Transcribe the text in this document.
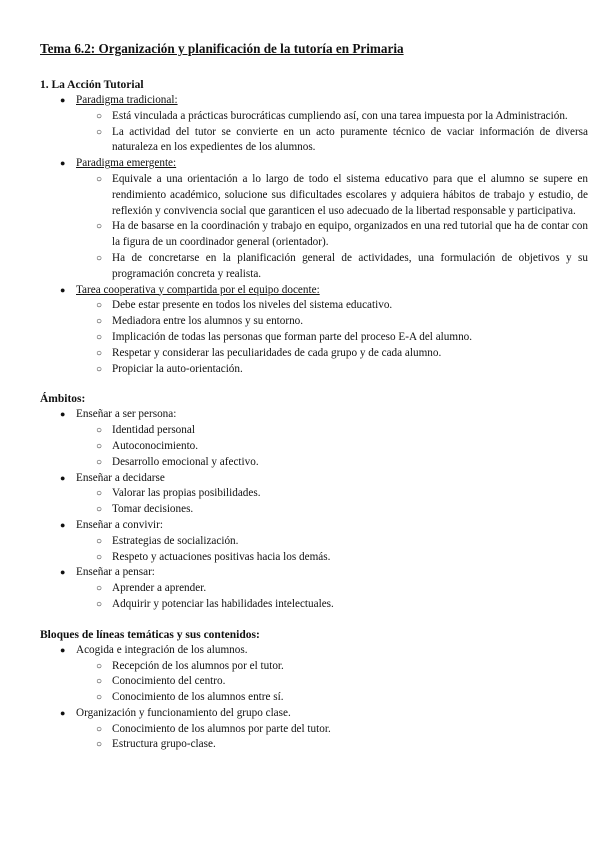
Tema 6.2: Organización y planificación de la tutoría en Primaria
1. La Acción Tutorial
● Paradigma tradicional:
○ Está vinculada a prácticas burocráticas cumpliendo así, con una tarea impuesta por la Administración.
○ La actividad del tutor se convierte en un acto puramente técnico de vaciar información de diversa naturaleza en los expedientes de los alumnos.
● Paradigma emergente:
○ Equivale a una orientación a lo largo de todo el sistema educativo para que el alumno se supere en rendimiento académico, solucione sus dificultades escolares y adquiera hábitos de trabajo y estudio, de reflexión y convivencia social que garanticen el uso adecuado de la libertad responsable y participativa.
○ Ha de basarse en la coordinación y trabajo en equipo, organizados en una red tutorial que ha de contar con la figura de un coordinador general (orientador).
○ Ha de concretarse en la planificación general de actividades, una formulación de objetivos y su programación concreta y realista.
● Tarea cooperativa y compartida por el equipo docente:
○ Debe estar presente en todos los niveles del sistema educativo.
○ Mediadora entre los alumnos y su entorno.
○ Implicación de todas las personas que forman parte del proceso E-A del alumno.
○ Respetar y considerar las peculiaridades de cada grupo y de cada alumno.
○ Propiciar la auto-orientación.
Ámbitos:
● Enseñar a ser persona:
○ Identidad personal
○ Autoconocimiento.
○ Desarrollo emocional y afectivo.
● Enseñar a decidarse
○ Valorar las propias posibilidades.
○ Tomar decisiones.
● Enseñar a convivir:
○ Estrategias de socialización.
○ Respeto y actuaciones positivas hacia los demás.
● Enseñar a pensar:
○ Aprender a aprender.
○ Adquirir y potenciar las habilidades intelectuales.
Bloques de líneas temáticas y sus contenidos:
● Acogida e integración de los alumnos.
○ Recepción de los alumnos por el tutor.
○ Conocimiento del centro.
○ Conocimiento de los alumnos entre sí.
● Organización y funcionamiento del grupo clase.
○ Conocimiento de los alumnos por parte del tutor.
○ Estructura grupo-clase.
